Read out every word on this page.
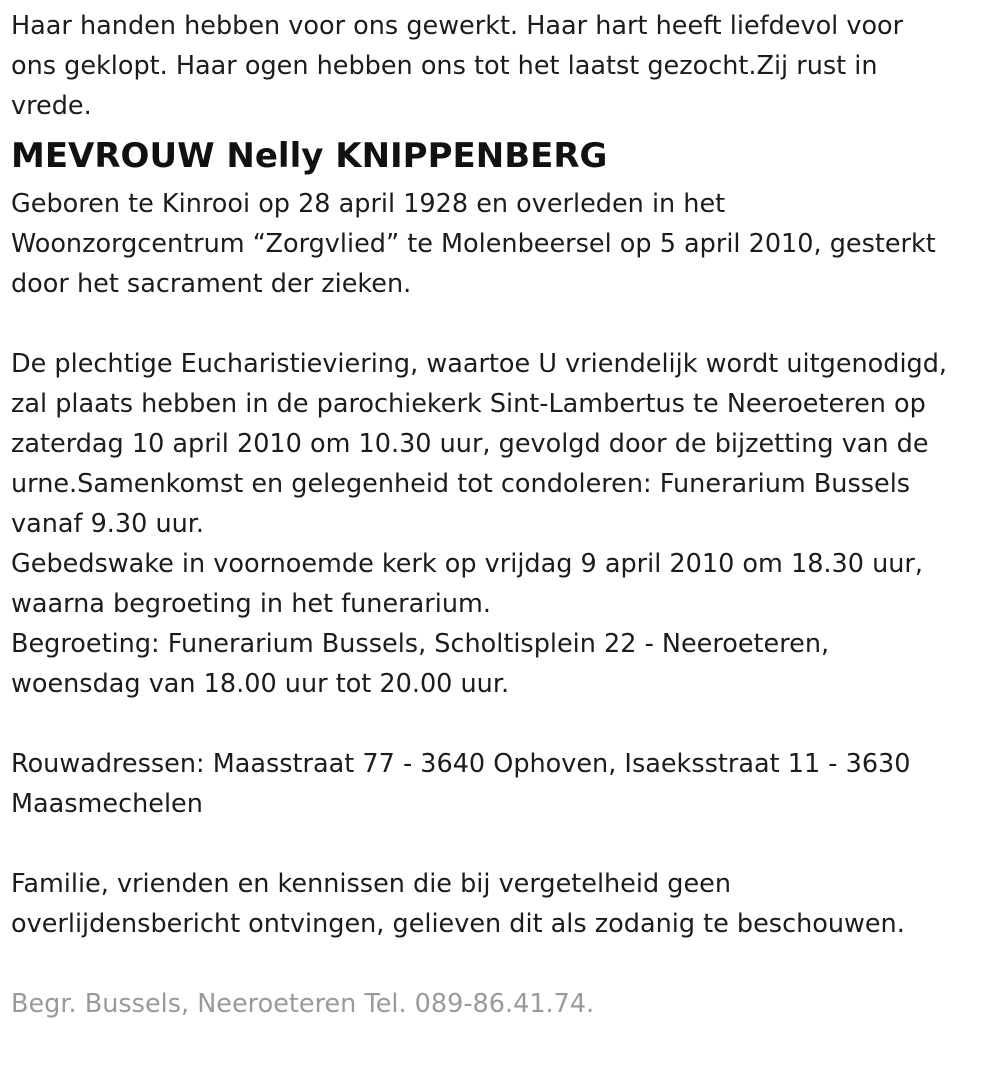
Haar handen hebben voor ons gewerkt. Haar hart heeft liefdevol voor
ons geklopt. Haar ogen hebben ons tot het laatst gezocht.Zij rust in
vrede.
MEVROUW Nelly KNIPPENBERG
Geboren te Kinrooi op 28 april 1928 en overleden in het
Woonzorgcentrum “Zorgvlied” te Molenbeersel op 5 april 2010, gesterkt
door het sacrament der zieken.
De plechtige Eucharistieviering, waartoe U vriendelijk wordt uitgenodigd,
zal plaats hebben in de parochiekerk Sint-Lambertus te Neeroeteren op
zaterdag 10 april 2010 om 10.30 uur, gevolgd door de bijzetting van de
urne.Samenkomst en gelegenheid tot condoleren: Funerarium Bussels
vanaf 9.30 uur.
Gebedswake in voornoemde kerk op vrijdag 9 april 2010 om 18.30 uur,
waarna begroeting in het funerarium.
Begroeting: Funerarium Bussels, Scholtisplein 22 - Neeroeteren,
woensdag van 18.00 uur tot 20.00 uur.
Rouwadressen: Maasstraat 77 - 3640 Ophoven, Isaeksstraat 11 - 3630
Maasmechelen
Familie, vrienden en kennissen die bij vergetelheid geen
overlijdensbericht ontvingen, gelieven dit als zodanig te beschouwen.
Begr. Bussels, Neeroeteren Tel. 089-86.41.74.
